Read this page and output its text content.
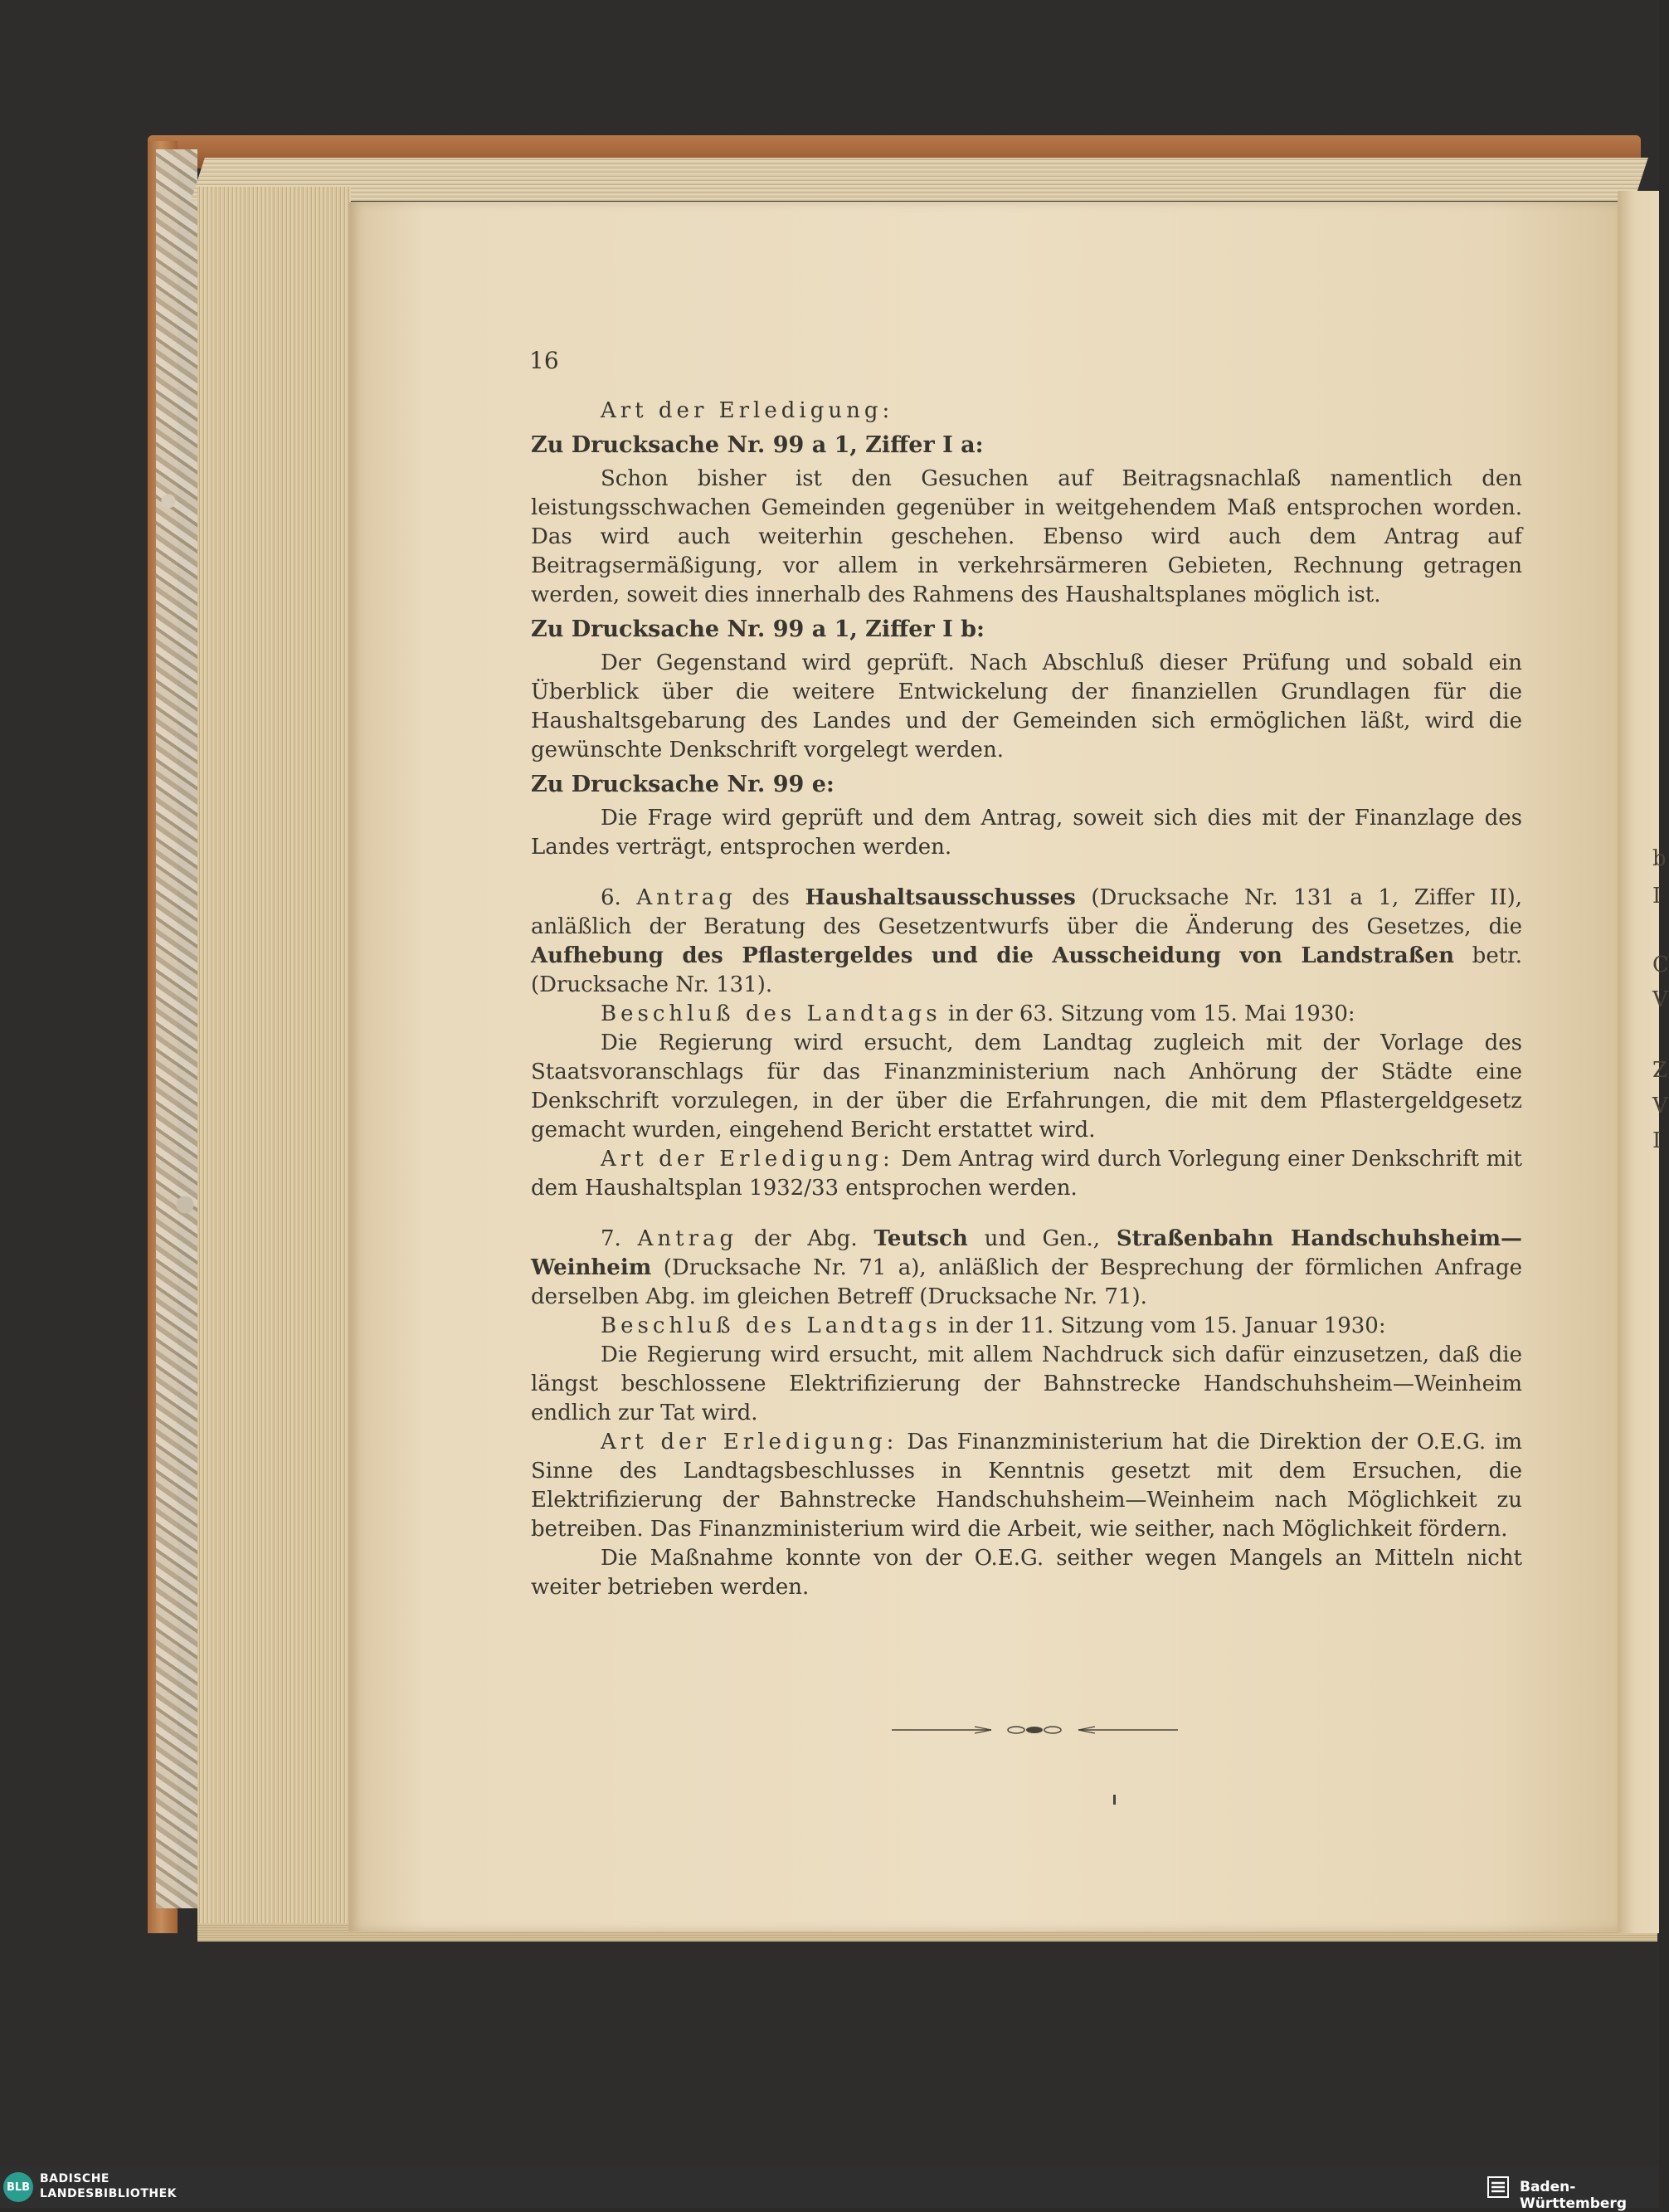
b
I
C
V
Z
V
I
16

Art der Erledigung:

Zu Drucksache Nr. 99 a 1, Ziffer I a:

Schon bisher ist den Gesuchen auf Beitragsnachlaß namentlich den leistungsschwachen Gemeinden gegenüber in weitgehendem Maß entsprochen worden. Das wird auch weiterhin geschehen. Ebenso wird auch dem Antrag auf Beitragsermäßigung, vor allem in verkehrsärmeren Gebieten, Rechnung getragen werden, soweit dies innerhalb des Rahmens des Haushaltsplanes möglich ist.

Zu Drucksache Nr. 99 a 1, Ziffer I b:

Der Gegenstand wird geprüft. Nach Abschluß dieser Prüfung und sobald ein Überblick über die weitere Entwickelung der finanziellen Grundlagen für die Haushaltsgebarung des Landes und der Gemeinden sich ermöglichen läßt, wird die gewünschte Denkschrift vorgelegt werden.

Zu Drucksache Nr. 99 e:

Die Frage wird geprüft und dem Antrag, soweit sich dies mit der Finanzlage des Landes verträgt, entsprochen werden.

6. Antrag des Haushaltsausschusses (Drucksache Nr. 131 a 1, Ziffer II), anläßlich der Beratung des Gesetzentwurfs über die Änderung des Gesetzes, die Aufhebung des Pflastergeldes und die Ausscheidung von Landstraßen betr. (Drucksache Nr. 131).

Beschluß des Landtags in der 63. Sitzung vom 15. Mai 1930:

Die Regierung wird ersucht, dem Landtag zugleich mit der Vorlage des Staatsvoranschlags für das Finanzministerium nach Anhörung der Städte eine Denkschrift vorzulegen, in der über die Erfahrungen, die mit dem Pflastergeldgesetz gemacht wurden, eingehend Bericht erstattet wird.

Art der Erledigung: Dem Antrag wird durch Vorlegung einer Denkschrift mit dem Haushaltsplan 1932/33 entsprochen werden.

7. Antrag der Abg. Teutsch und Gen., Straßenbahn Handschuhsheim—Weinheim (Drucksache Nr. 71 a), anläßlich der Besprechung der förmlichen Anfrage derselben Abg. im gleichen Betreff (Drucksache Nr. 71).

Beschluß des Landtags in der 11. Sitzung vom 15. Januar 1930:

Die Regierung wird ersucht, mit allem Nachdruck sich dafür einzusetzen, daß die längst beschlossene Elektrifizierung der Bahnstrecke Handschuhsheim—Weinheim endlich zur Tat wird.

Art der Erledigung: Das Finanzministerium hat die Direktion der O.E.G. im Sinne des Landtagsbeschlusses in Kenntnis gesetzt mit dem Ersuchen, die Elektrifizierung der Bahnstrecke Handschuhsheim—Weinheim nach Möglichkeit zu betreiben. Das Finanzministerium wird die Arbeit, wie seither, nach Möglichkeit fördern.

Die Maßnahme konnte von der O.E.G. seither wegen Mangels an Mitteln nicht weiter betrieben werden.

BLB
BADISCHE
LANDESBIBLIOTHEK	Baden-Württemberg
